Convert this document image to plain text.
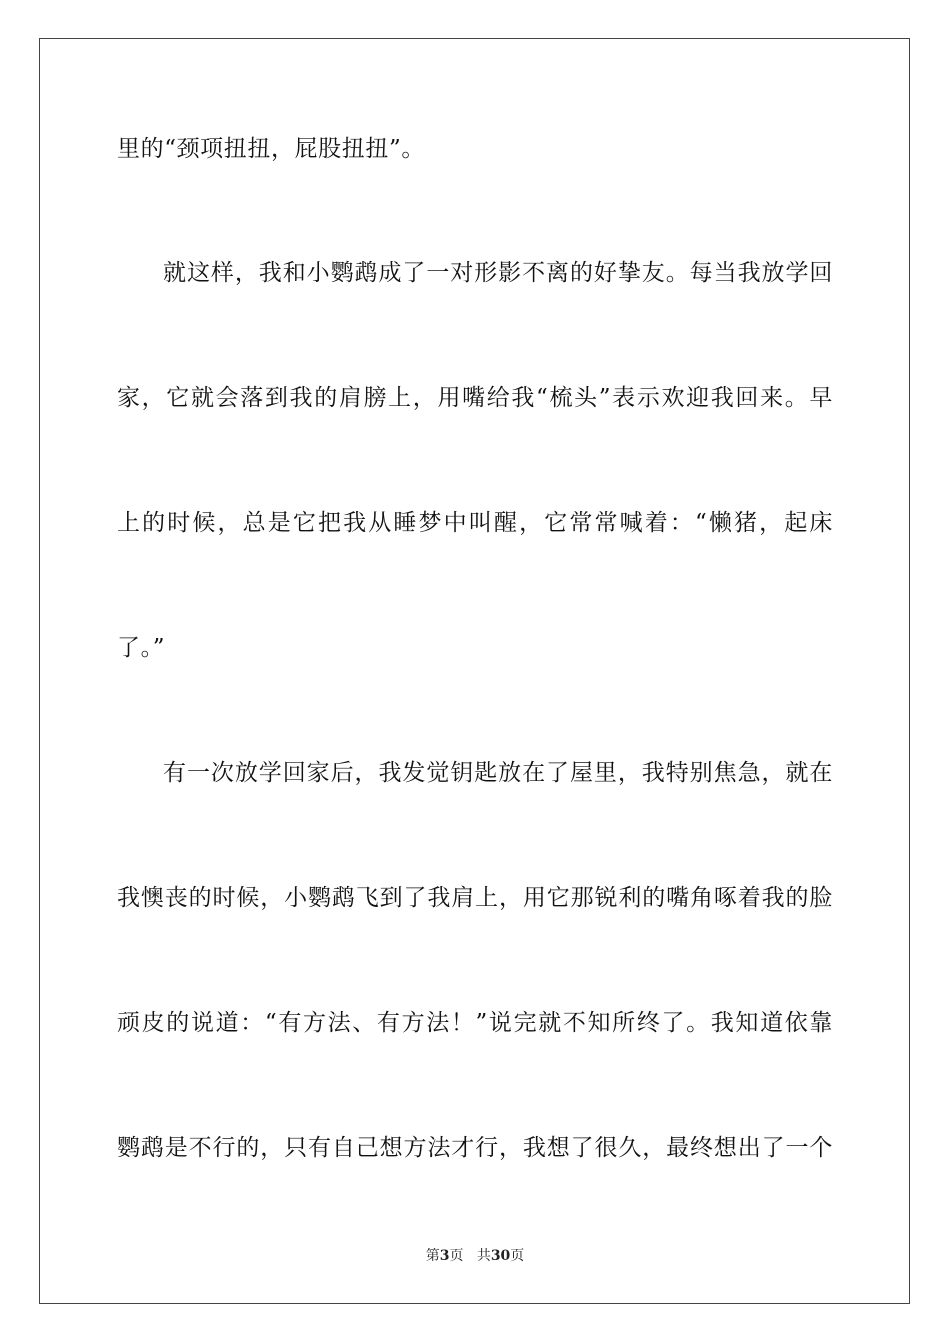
里的“颈项扭扭，屁股扭扭”。
就这样，我和小鹦鹉成了一对形影不离的好挚友。每当我放学回
家，它就会落到我的肩膀上，用嘴给我“梳头”表示欢迎我回来。早
上的时候，总是它把我从睡梦中叫醒，它常常喊着：“懒猪，起床
了。”
有一次放学回家后，我发觉钥匙放在了屋里，我特别焦急，就在
我懊丧的时候，小鹦鹉飞到了我肩上，用它那锐利的嘴角啄着我的脸
顽皮的说道：“有方法、有方法！”说完就不知所终了。我知道依靠
鹦鹉是不行的，只有自己想方法才行，我想了很久，最终想出了一个
第3页 共30页
